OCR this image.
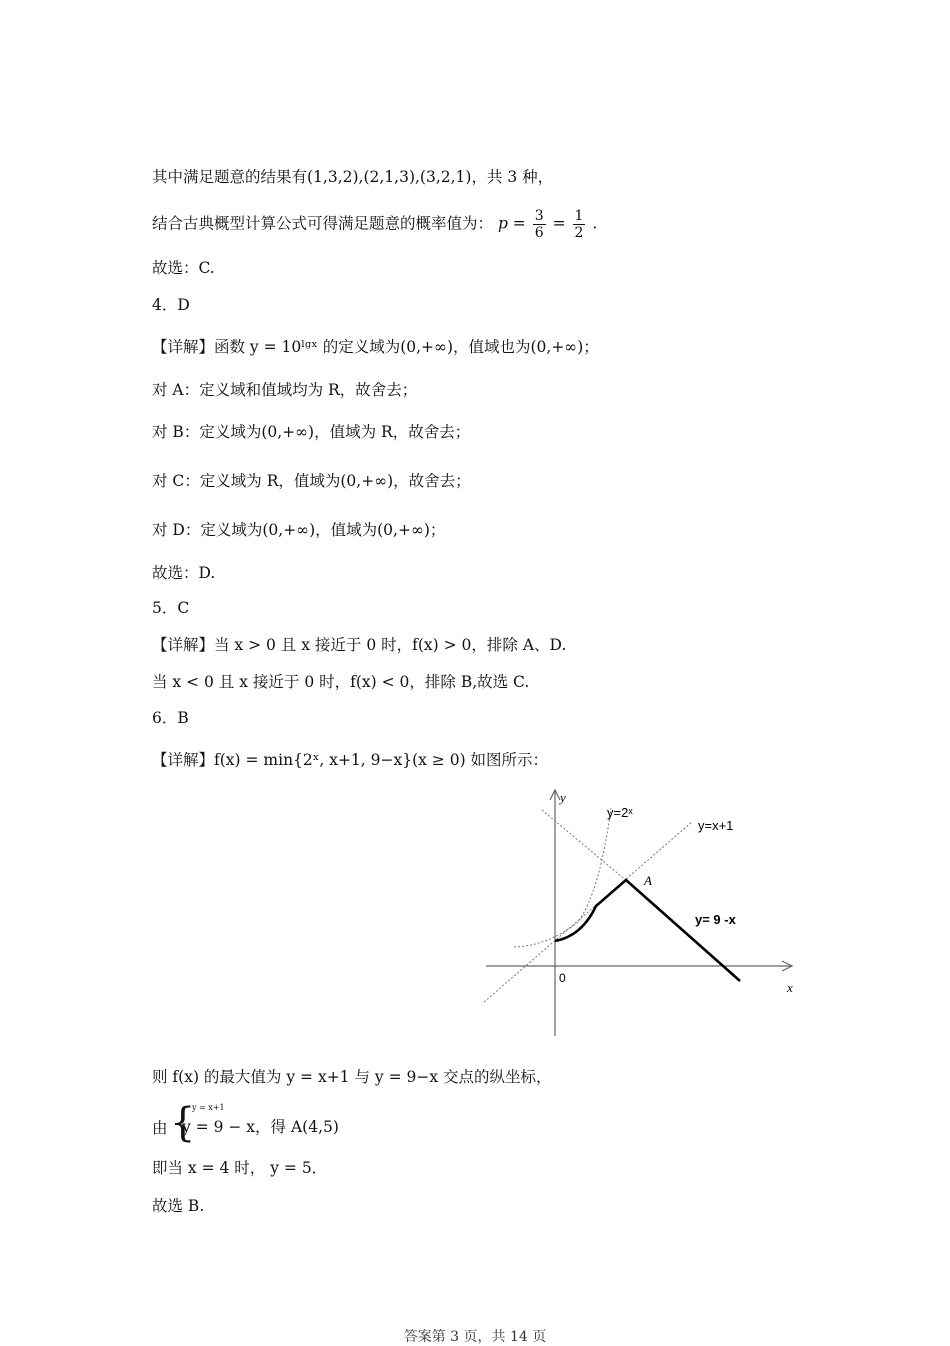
其中满足题意的结果有(1,3,2),(2,1,3),(3,2,1)，共 3 种，
结合古典概型计算公式可得满足题意的概率值为： $p = \frac{3}{6} = \frac{1}{2}$ .
故选：C.
4．D
【详解】函数 y = 10ˡᵍˣ 的定义域为(0,+∞)，值域也为(0,+∞)；
对 A：定义域和值域均为 R，故舍去；
对 B：定义域为(0,+∞)，值域为 R，故舍去；
对 C：定义域为 R，值域为(0,+∞)，故舍去；
对 D：定义域为(0,+∞)，值域为(0,+∞)；
故选：D.
5．C
【详解】当 x > 0 且 x 接近于 0 时，f(x) > 0，排除 A、D.
当 x < 0 且 x 接近于 0 时，f(x) < 0，排除 B,故选 C.
6．B
【详解】f(x) = min{2ˣ, x+1, 9−x}(x ≥ 0) 如图所示：
y=2ˣ
y=x+1
y= 9 -x
A
0
x
y
则 f(x) 的最大值为 y = x+1 与 y = 9−x 交点的纵坐标，
由 {
y = x+1
y = 9 − x，得 A(4,5)
即当 x = 4 时， y = 5．
故选 B.
答案第 3 页，共 14 页
